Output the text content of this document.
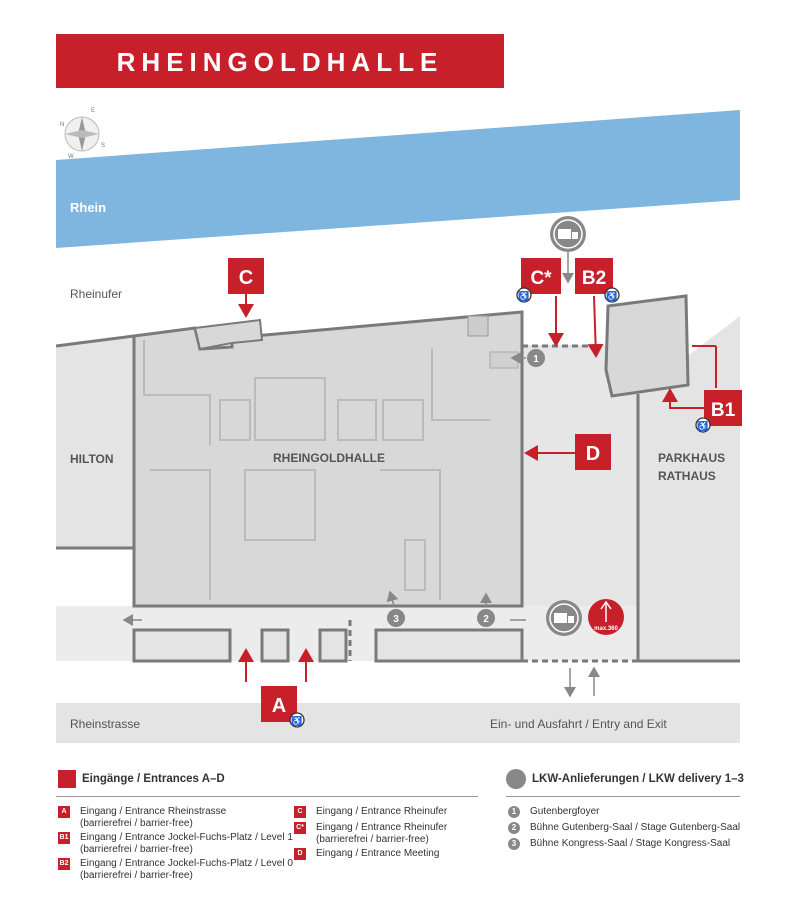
RHEINGOLDHALLE
N
E
S
W
Rhein
Rheinufer
Rheinstrasse	Ein- und Ausfahrt / Entry and Exit
HILTON	RHEINGOLDHALLE	PARKHAUS
RATHAUS
max.360
1
2
3
C	C* B2
B1
D
A
♿	♿
♿
♿
Eingänge / Entrances A–D	LKW-Anlieferungen / LKW delivery 1–3
A	Eingang / Entrance Rheinstrasse
(barrierefrei / barrier-free)
B1 Eingang / Entrance Jockel-Fuchs-Platz / Level 1
(barrierefrei / barrier-free)
B2 Eingang / Entrance Jockel-Fuchs-Platz / Level 0
(barrierefrei / barrier-free)
C	Eingang / Entrance Rheinufer
C* Eingang / Entrance Rheinufer
(barrierefrei / barrier-free)
D	Eingang / Entrance Meeting
1	Gutenbergfoyer
2	Bühne Gutenberg-Saal / Stage Gutenberg-Saal
3	Bühne Kongress-Saal / Stage Kongress-Saal
